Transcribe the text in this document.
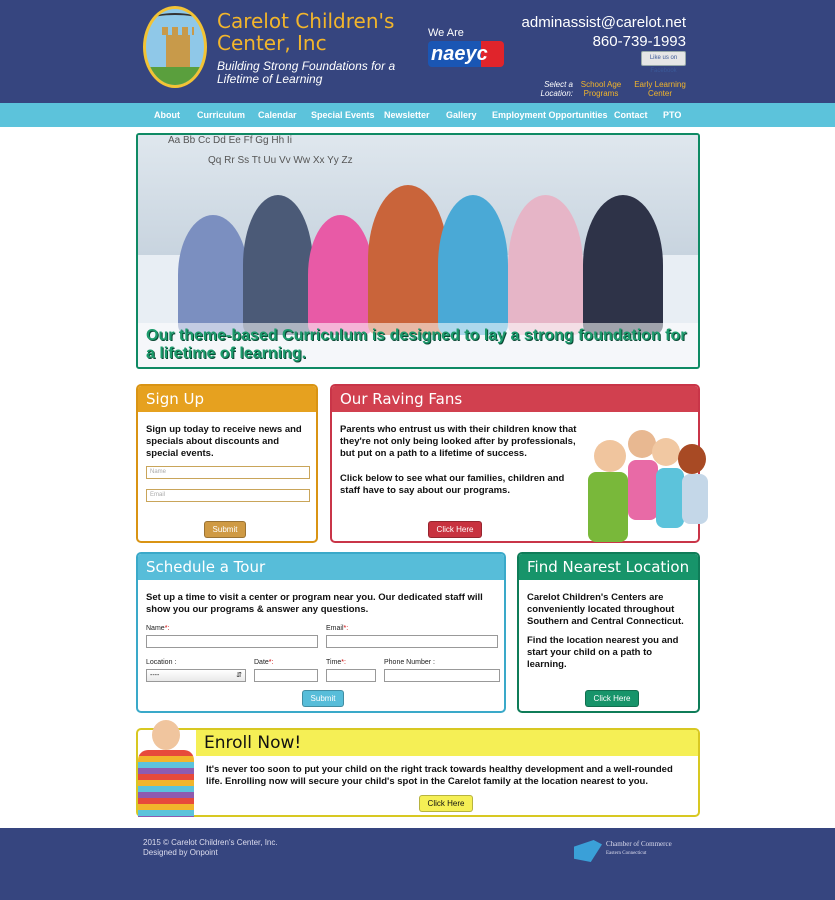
Carelot Children's Center, Inc
Building Strong Foundations for a Lifetime of Learning
We Are
naeyc
adminassist@carelot.net
860-739-1993
Like us on Facebook
Select a Location:
School Age Programs
Early Learning Center
About Curriculum Calendar Special Events Newsletter Gallery Employment Opportunities Contact PTO
Aa Bb Cc Dd Ee Ff Gg Hh Ii
Qq Rr Ss Tt Uu Vv Ww Xx Yy Zz
Our theme-based Curriculum is designed to lay a strong foundation for a lifetime of learning.
Sign Up

Sign up today to receive news and specials about discounts and special events.

Name
Email
Submit
Our Raving Fans

Parents who entrust us with their children know that they're not only being looked after by professionals, but put on a path to a lifetime of success.

Click below to see what our families, children and staff have to say about our programs.

Click Here
Schedule a Tour

Set up a time to visit a center or program near you. Our dedicated staff will show you our programs & answer any questions.

Name*:	Email*:
Location :
----	⇵
Date*:	Time*:	Phone Number :
Submit
Find Nearest Location

Carelot Children's Centers are conveniently located throughout Southern and Central Connecticut.

Find the location nearest you and start your child on a path to learning.

Click Here
Enroll Now!

It's never too soon to put your child on the right track towards healthy development and a well-rounded life. Enrolling now will secure your child's spot in the Carelot family at the location nearest to you.

Click Here
2015 © Carelot Children's Center, Inc.
Designed by Onpoint
Chamber of Commerce
Eastern Connecticut
